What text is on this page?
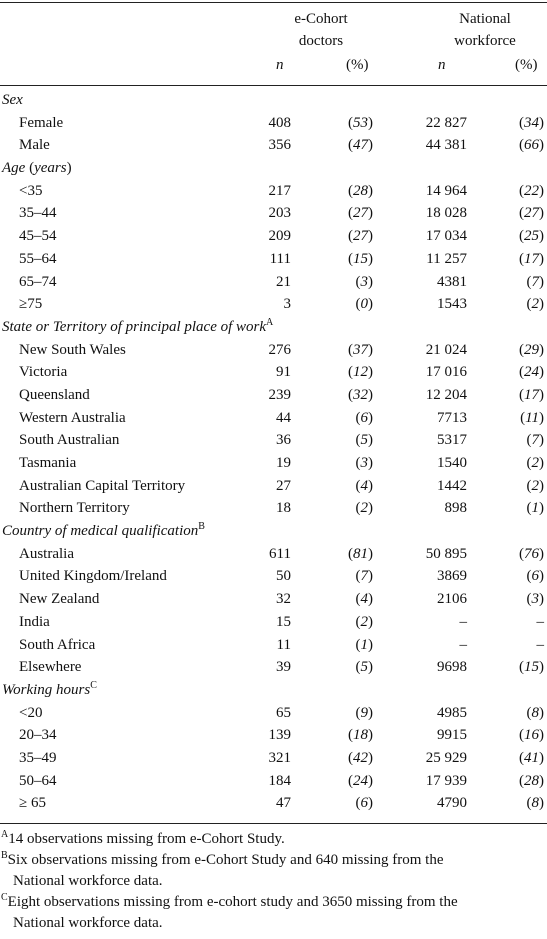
e-Cohort
doctors
National
workforce
n	(%)	n	(%)
Sex
Female	408	(53)	22 827	(34)
Male	356	(47)	44 381	(66)
Age (years)
<35	217	(28)	14 964	(22)
35–44	203	(27)	18 028	(27)
45–54	209	(27)	17 034	(25)
55–64	111	(15)	11 257	(17)
65–74	21	(3)	4381	(7)
≥75	3	(0)	1543	(2)
State or Territory of principal place of work$^A$
New South Wales	276	(37)	21 024	(29)
Victoria	91	(12)	17 016	(24)
Queensland	239	(32)	12 204	(17)
Western Australia	44	(6)	7713	(11)
South Australian	36	(5)	5317	(7)
Tasmania	19	(3)	1540	(2)
Australian Capital Territory	27	(4)	1442	(2)
Northern Territory	18	(2)	898	(1)
Country of medical qualification$^B$
Australia	611	(81)	50 895	(76)
United Kingdom/Ireland	50	(7)	3869	(6)
New Zealand	32	(4)	2106	(3)
India	15	(2)	–	–
South Africa	11	(1)	–	–
Elsewhere	39	(5)	9698	(15)
Working hours$^C$
<20	65	(9)	4985	(8)
20–34	139	(18)	9915	(16)
35–49	321	(42)	25 929	(41)
50–64	184	(24)	17 939	(28)
≥ 65	47	(6)	4790	(8)
$^A$14 observations missing from e-Cohort Study.
$^B$Six observations missing from e-Cohort Study and 640 missing from the
National workforce data.
$^C$Eight observations missing from e-cohort study and 3650 missing from the
National workforce data.
